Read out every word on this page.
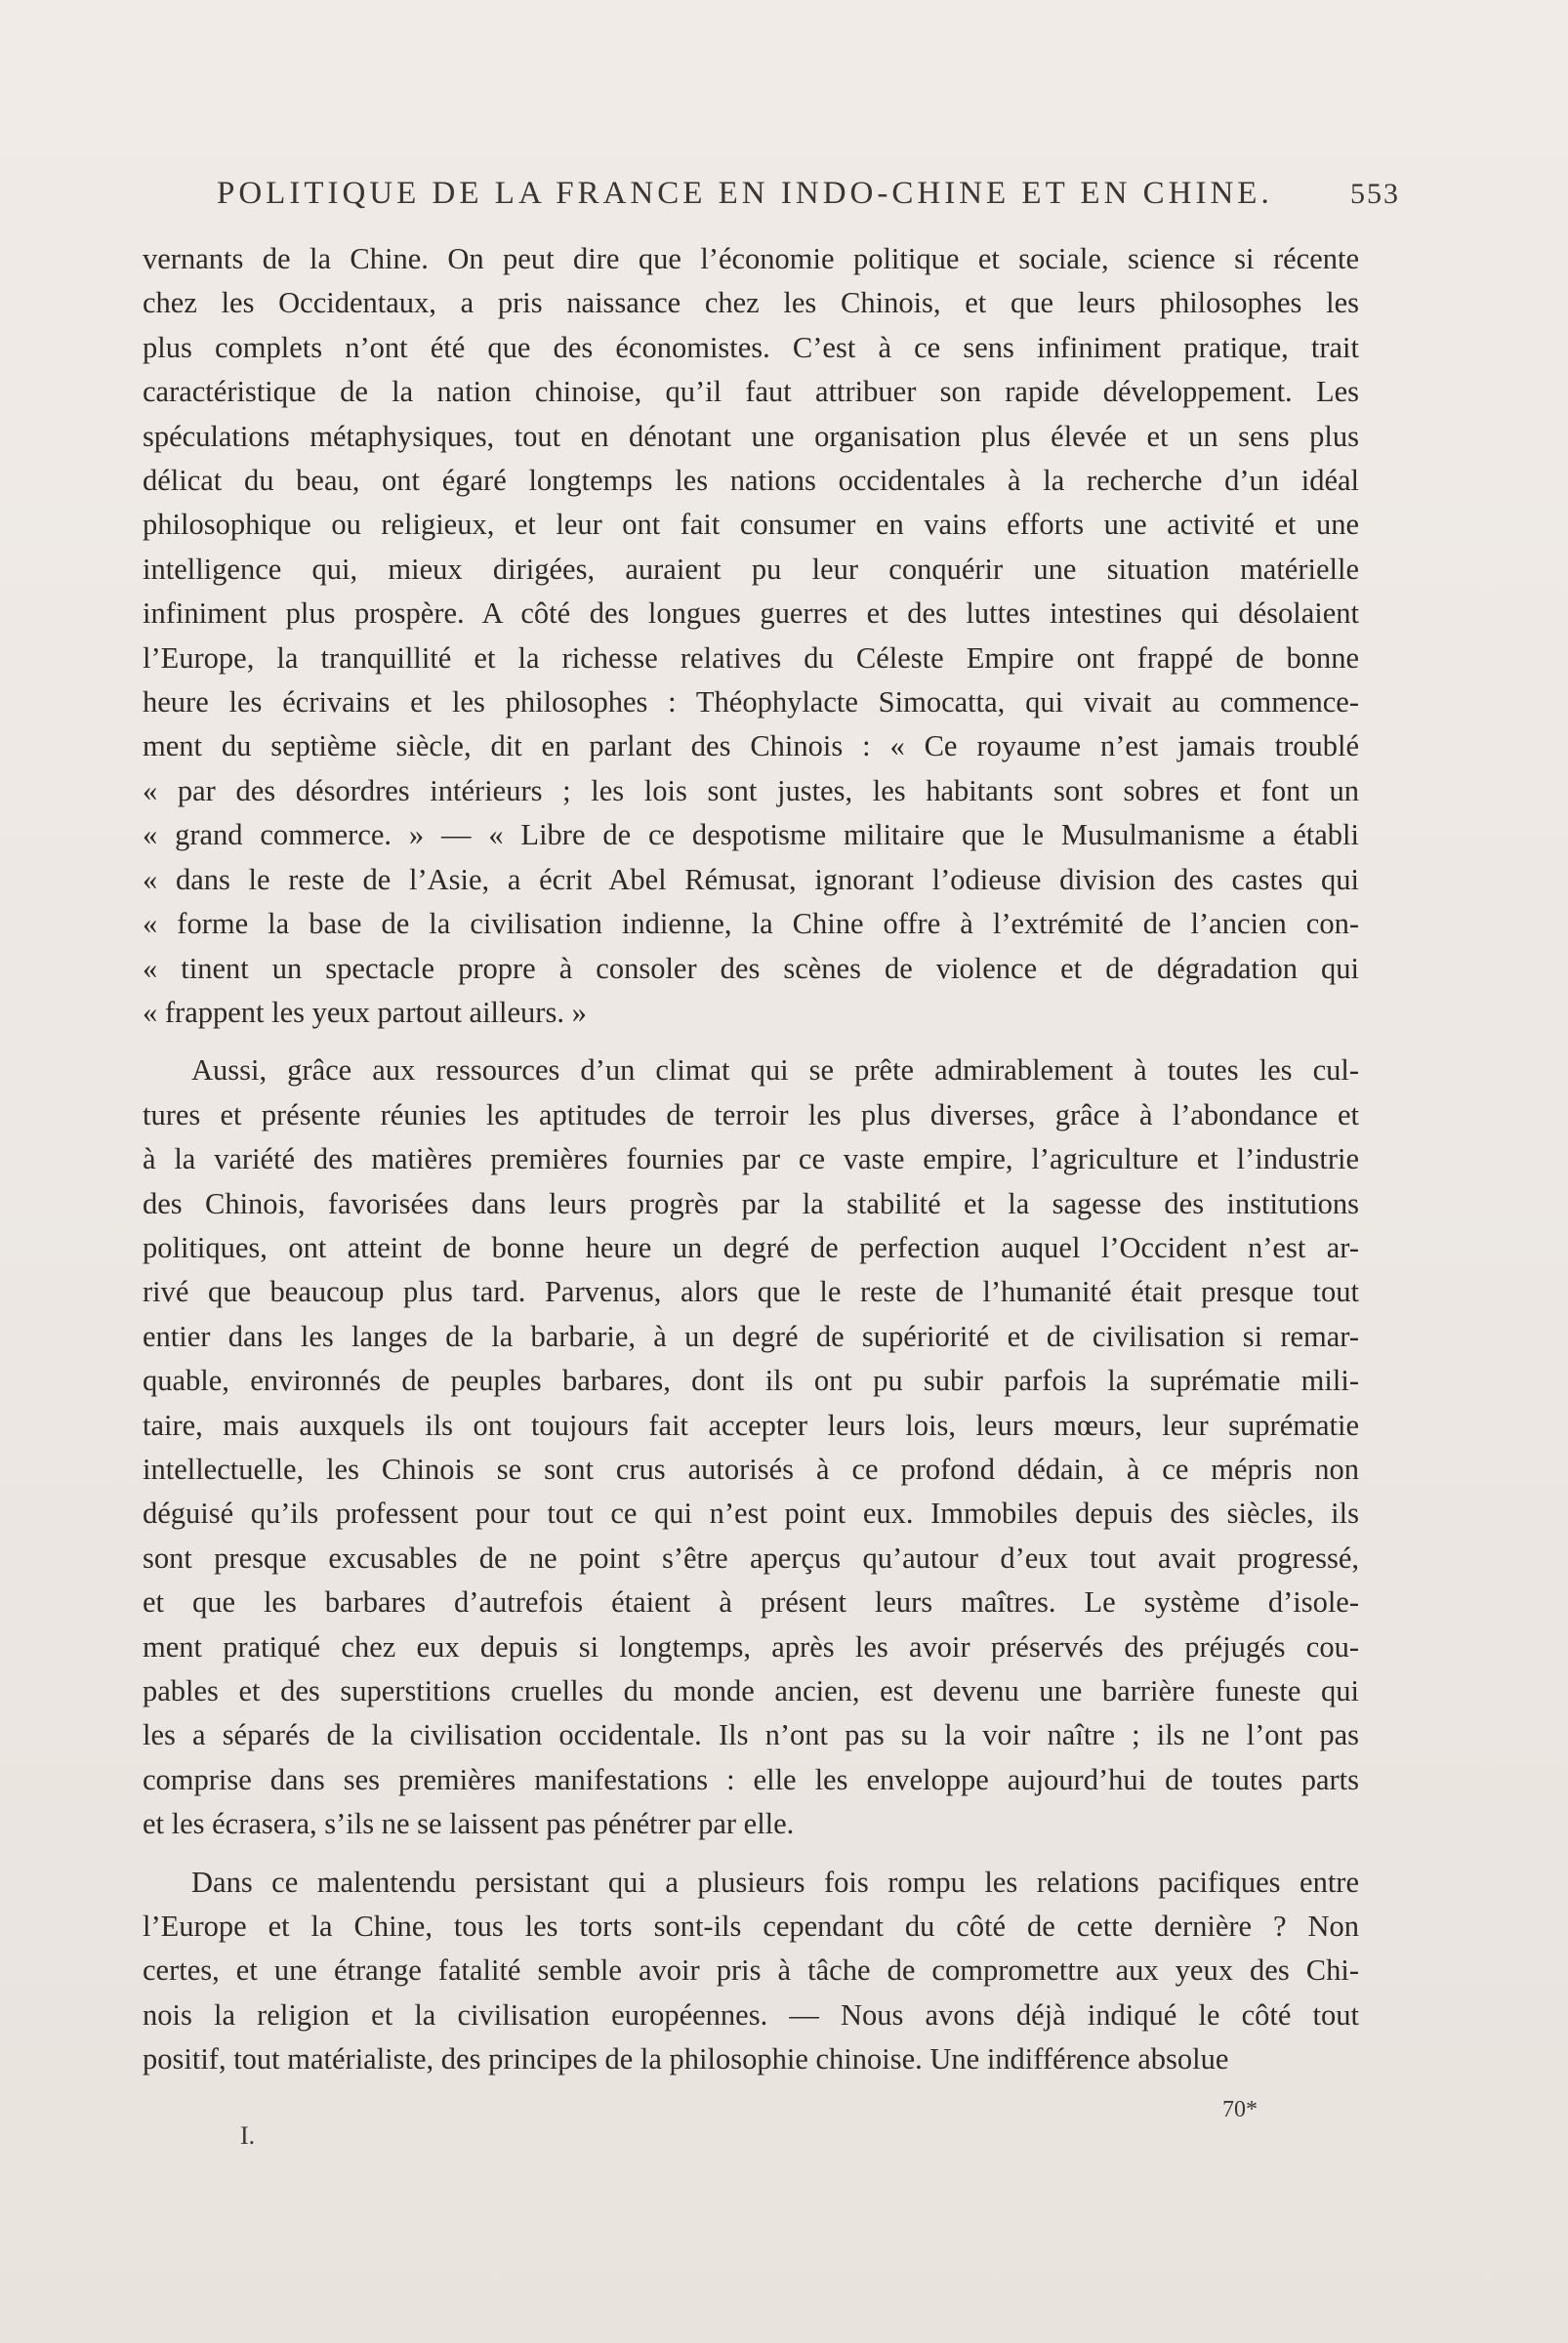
POLITIQUE DE LA FRANCE EN INDO-CHINE ET EN CHINE.	553
vernants de la Chine. On peut dire que l’économie politique et sociale, science si récente
chez les Occidentaux, a pris naissance chez les Chinois, et que leurs philosophes les
plus complets n’ont été que des économistes. C’est à ce sens infiniment pratique, trait
caractéristique de la nation chinoise, qu’il faut attribuer son rapide développement. Les
spéculations métaphysiques, tout en dénotant une organisation plus élevée et un sens plus
délicat du beau, ont égaré longtemps les nations occidentales à la recherche d’un idéal
philosophique ou religieux, et leur ont fait consumer en vains efforts une activité et une
intelligence qui, mieux dirigées, auraient pu leur conquérir une situation matérielle
infiniment plus prospère. A côté des longues guerres et des luttes intestines qui désolaient
l’Europe, la tranquillité et la richesse relatives du Céleste Empire ont frappé de bonne
heure les écrivains et les philosophes : Théophylacte Simocatta, qui vivait au commence-
ment du septième siècle, dit en parlant des Chinois : « Ce royaume n’est jamais troublé
« par des désordres intérieurs ; les lois sont justes, les habitants sont sobres et font un
« grand commerce. » — « Libre de ce despotisme militaire que le Musulmanisme a établi
« dans le reste de l’Asie, a écrit Abel Rémusat, ignorant l’odieuse division des castes qui
« forme la base de la civilisation indienne, la Chine offre à l’extrémité de l’ancien con-
« tinent un spectacle propre à consoler des scènes de violence et de dégradation qui
« frappent les yeux partout ailleurs. »
Aussi, grâce aux ressources d’un climat qui se prête admirablement à toutes les cul-
tures et présente réunies les aptitudes de terroir les plus diverses, grâce à l’abondance et
à la variété des matières premières fournies par ce vaste empire, l’agriculture et l’industrie
des Chinois, favorisées dans leurs progrès par la stabilité et la sagesse des institutions
politiques, ont atteint de bonne heure un degré de perfection auquel l’Occident n’est ar-
rivé que beaucoup plus tard. Parvenus, alors que le reste de l’humanité était presque tout
entier dans les langes de la barbarie, à un degré de supériorité et de civilisation si remar-
quable, environnés de peuples barbares, dont ils ont pu subir parfois la suprématie mili-
taire, mais auxquels ils ont toujours fait accepter leurs lois, leurs mœurs, leur suprématie
intellectuelle, les Chinois se sont crus autorisés à ce profond dédain, à ce mépris non
déguisé qu’ils professent pour tout ce qui n’est point eux. Immobiles depuis des siècles, ils
sont presque excusables de ne point s’être aperçus qu’autour d’eux tout avait progressé,
et que les barbares d’autrefois étaient à présent leurs maîtres. Le système d’isole-
ment pratiqué chez eux depuis si longtemps, après les avoir préservés des préjugés cou-
pables et des superstitions cruelles du monde ancien, est devenu une barrière funeste qui
les a séparés de la civilisation occidentale. Ils n’ont pas su la voir naître ; ils ne l’ont pas
comprise dans ses premières manifestations : elle les enveloppe aujourd’hui de toutes parts
et les écrasera, s’ils ne se laissent pas pénétrer par elle.
Dans ce malentendu persistant qui a plusieurs fois rompu les relations pacifiques entre
l’Europe et la Chine, tous les torts sont-ils cependant du côté de cette dernière ? Non
certes, et une étrange fatalité semble avoir pris à tâche de compromettre aux yeux des Chi-
nois la religion et la civilisation européennes. — Nous avons déjà indiqué le côté tout
positif, tout matérialiste, des principes de la philosophie chinoise. Une indifférence absolue
70*
I.
